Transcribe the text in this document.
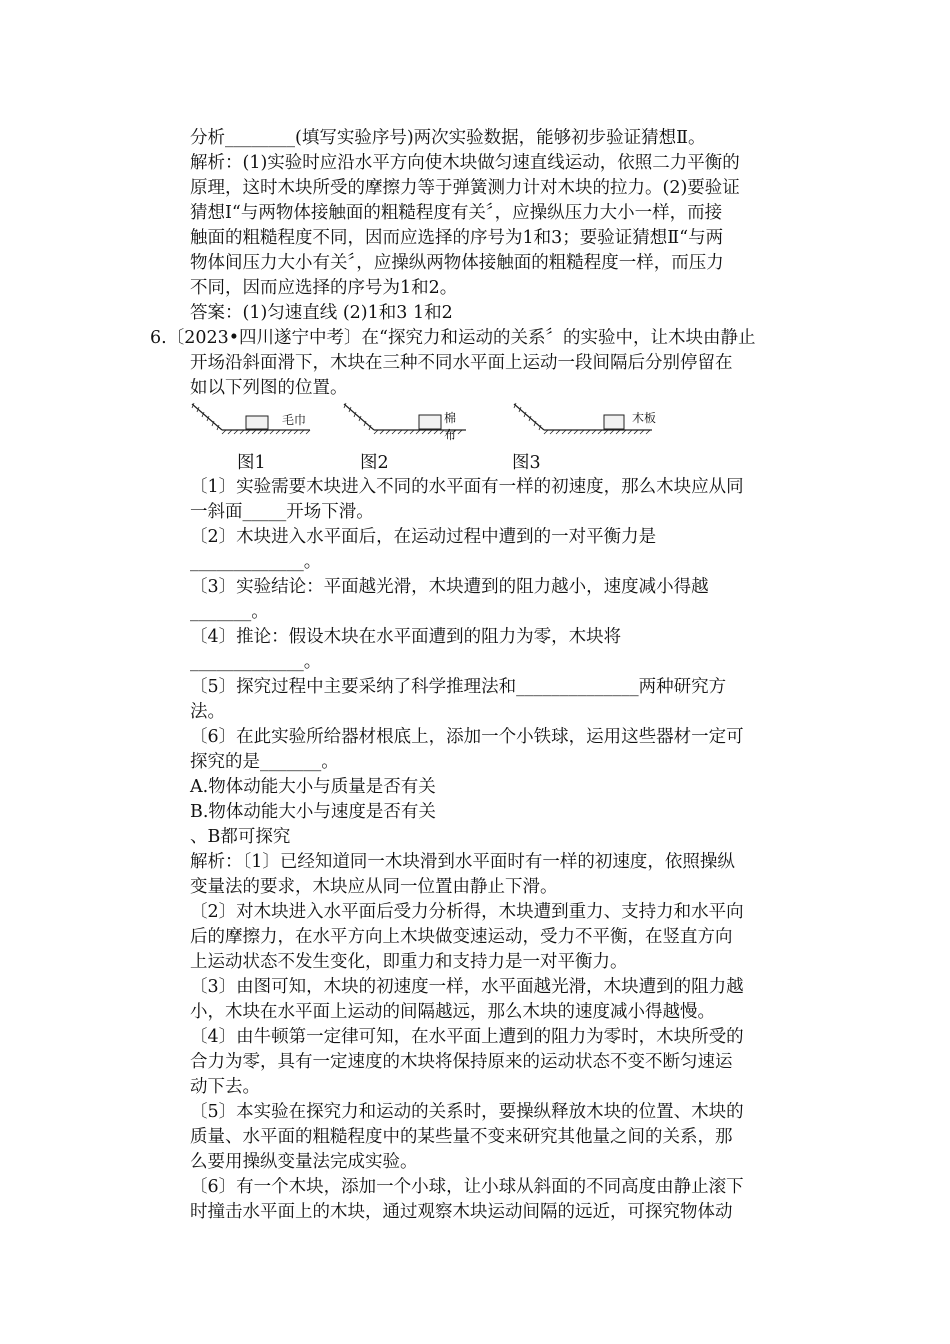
分析________(填写实验序号)两次实验数据，能够初步验证猜想Ⅱ。
解析：(1)实验时应沿水平方向使木块做匀速直线运动，依照二力平衡的
原理，这时木块所受的摩擦力等于弹簧测力计对木块的拉力。(2)要验证
猜想Ⅰ“与两物体接触面的粗糙程度有关〞，应操纵压力大小一样，而接
触面的粗糙程度不同，因而应选择的序号为1和3；要验证猜想Ⅱ“与两
物体间压力大小有关〞，应操纵两物体接触面的粗糙程度一样，而压力
不同，因而应选择的序号为1和2。
答案：(1)匀速直线 (2)1和3 1和2
6.〔2023•四川遂宁中考〕在“探究力和运动的关系〞的实验中，让木块由静止
开场沿斜面滑下，木块在三种不同水平面上运动一段间隔后分别停留在
如以下列图的位置。
毛巾	棉布
木板
图1	图2	图3
〔1〕实验需要木块进入不同的水平面有一样的初速度，那么木块应从同
一斜面_____开场下滑。
〔2〕木块进入水平面后，在运动过程中遭到的一对平衡力是
_____________。
〔3〕实验结论：平面越光滑，木块遭到的阻力越小，速度减小得越
_______。
〔4〕推论：假设木块在水平面遭到的阻力为零，木块将
_____________。
〔5〕探究过程中主要采纳了科学推理法和______________两种研究方
法。
〔6〕在此实验所给器材根底上，添加一个小铁球，运用这些器材一定可
探究的是_______。
A.物体动能大小与质量是否有关
B.物体动能大小与速度是否有关
、B都可探究
解析：〔1〕已经知道同一木块滑到水平面时有一样的初速度，依照操纵
变量法的要求，木块应从同一位置由静止下滑。
〔2〕对木块进入水平面后受力分析得，木块遭到重力、支持力和水平向
后的摩擦力，在水平方向上木块做变速运动，受力不平衡，在竖直方向
上运动状态不发生变化，即重力和支持力是一对平衡力。
〔3〕由图可知，木块的初速度一样，水平面越光滑，木块遭到的阻力越
小，木块在水平面上运动的间隔越远，那么木块的速度减小得越慢。
〔4〕由牛顿第一定律可知，在水平面上遭到的阻力为零时，木块所受的
合力为零，具有一定速度的木块将保持原来的运动状态不变不断匀速运
动下去。
〔5〕本实验在探究力和运动的关系时，要操纵释放木块的位置、木块的
质量、水平面的粗糙程度中的某些量不变来研究其他量之间的关系，那
么要用操纵变量法完成实验。
〔6〕有一个木块，添加一个小球，让小球从斜面的不同高度由静止滚下
时撞击水平面上的木块，通过观察木块运动间隔的远近，可探究物体动
